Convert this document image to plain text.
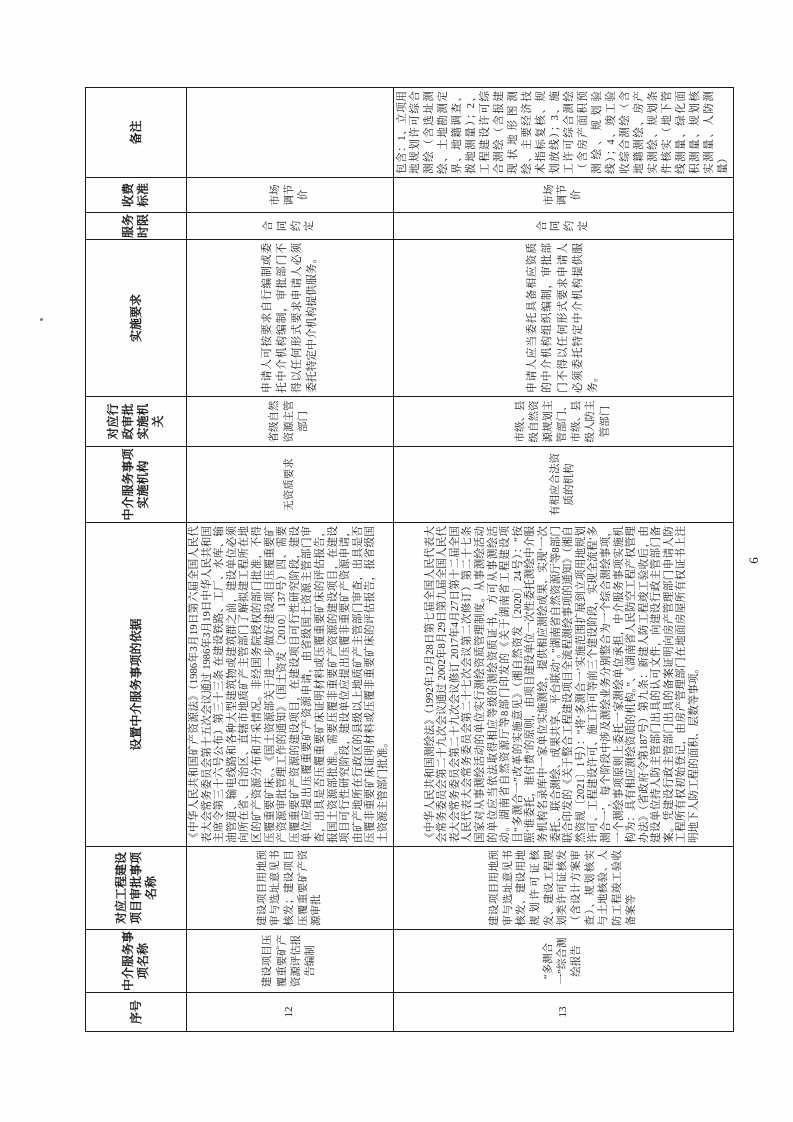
序号	中介服务事项名称	对应工程建设项目审批事项名称	设置中介服务事项的依据	中介服务事项实施机构	对应行政审批实施机关	实施要求	服务时限	收费标准	备注
12	建设项目压覆重要矿产资源评估报告编制	建设项目用地预审与选址意见书核发；建设项目压覆重要矿产资源审批	《中华人民共和国矿产资源法》（1986年3月19日第六届全国人民代表大会常务委员会第十五次会议通过 1986年3月19日中华人民共和国主席令第三十六号公布）第三十三条 在建设铁路、工厂、水库、输油管道、输电线路和各种大型建筑物或建筑群之前，建设单位必须向所在省、自治区、直辖市地质矿产主管部门了解拟建工程所在地区的矿产资源分布和开采情况。非经国务院授权的部门批准，不得压覆重要矿床。、《国土资源部关于进一步做好建设项目压覆重要矿产资源审批管理工作的通知》（国土资发〔2010〕137号）四、需要压覆重要矿产资源的建设项目，在建设项目可行性研究阶段，建设单位应提出压覆重要矿产资源申请，由省级国土资源主管部门审查，出具是否压覆重要矿床证明材料或压覆重要矿床的评估报告，报国土资源部批准。需要压覆非重要矿产资源的建设项目，在建设项目可行性研究阶段，建设单位应提出压覆非重要矿产资源申请，由矿产地所在行政区的县级以上地质矿产主管部门审查，出具是否压覆非重要矿床证明材料或压覆非重要矿床的评估报告，报省级国土资源主管部门批准。	无资质要求	省级自然资源主管部门	申请人可按要求自行编制或委托中介机构编制，审批部门不得以任何形式要求申请人必须委托特定中介机构提供服务。	合同约定	市场调节价	
13	“多测合一”综合测绘报告	建设项目用地预审与选址意见书核发、建设用地规划许可证核发、建设工程规划类许可证核发（含设计方案审查）、规划核实与土地核验、人防工程竣工验收备案等	《中华人民共和国测绘法》（1992年12月28日第七届全国人民代表大会常务委员会第二十九次会议通过 2002年8月29日第九届全国人民代表大会常务委员会第二十九次会议修订 2017年4月27日第十二届全国人民代表大会常务委员会第二十七次会议第二次修订）第二十七条 国家对从事测绘活动的单位实行测绘资质管理制度。从事测绘活动的单位应当依法取得相应等级的测绘资质证书，方可从事测绘活动。湖南省自然资源厅等8部门印发的《关于湖南省工程建设项目“多测合一”改革的实施意见》（湘自然资发〔2020〕24号）：“按照‘谁委托，谁付费’的原则，由项目建设单位一次性委托测绘中介服务机构名录库中一家单位实施测绘，提供相应测绘成果，实现‘一次委托、联合测绘、成果共享、平台联动’。”湖南省自然资源厅等8部门联合印发的《关于整合工程建设项目全流程测绘事项的通知》（湘自然资规〔2021〕1号）：“将‘多测合一’实施范围扩展到立项用地规划许可、工程建设许可、施工许可等前三个建设阶段，实现全流程‘多测合一’，每个阶段中涉及测绘业务分别整合为一个综合测绘事项，一个测绘事项原则上委托一家测绘单位承担，中介服务事项实施机构为：具有相应测绘资质的机构。”、《湖南省人民防空工程产权管理办法》（省政府令第187号）第九条：新建人防工程竣工验收后，由建设单位持人防主管部门出具的认可文件，向建设行政主管部门备案。凭建设行政主管部门出具的备案证明向房产管理部门申请人防工程所有权初始登记，由房产管理部门在地面房屋所有权证书上注明地下人防工程的面积、层数等事项。	有相应合法资质的机构	市级、县级自然资源规划主管部门、市级、县级人防主管部门	申请人应当委托具备相应资质的中介机构组织编制，审批部门不得以任何形式要求申请人必须委托特定中介机构提供服务。	合同约定	市场调节价	包含：1、立项用地规划许可综合测绘（含选址测绘、土地勘测定界、地籍调查、拨地测量）；2、工程建设许可综合测绘（含报建现状地形图测绘、主要经济技术指标复核、规划放线）；3、施工许可综合测绘（含房产面积预测绘、规划验线）；4、竣工验收综合测绘（含地籍测绘、房产实测绘、规划条件核实（地下管线测量、绿化面积测量、规划核实测量、人防测量）
6
